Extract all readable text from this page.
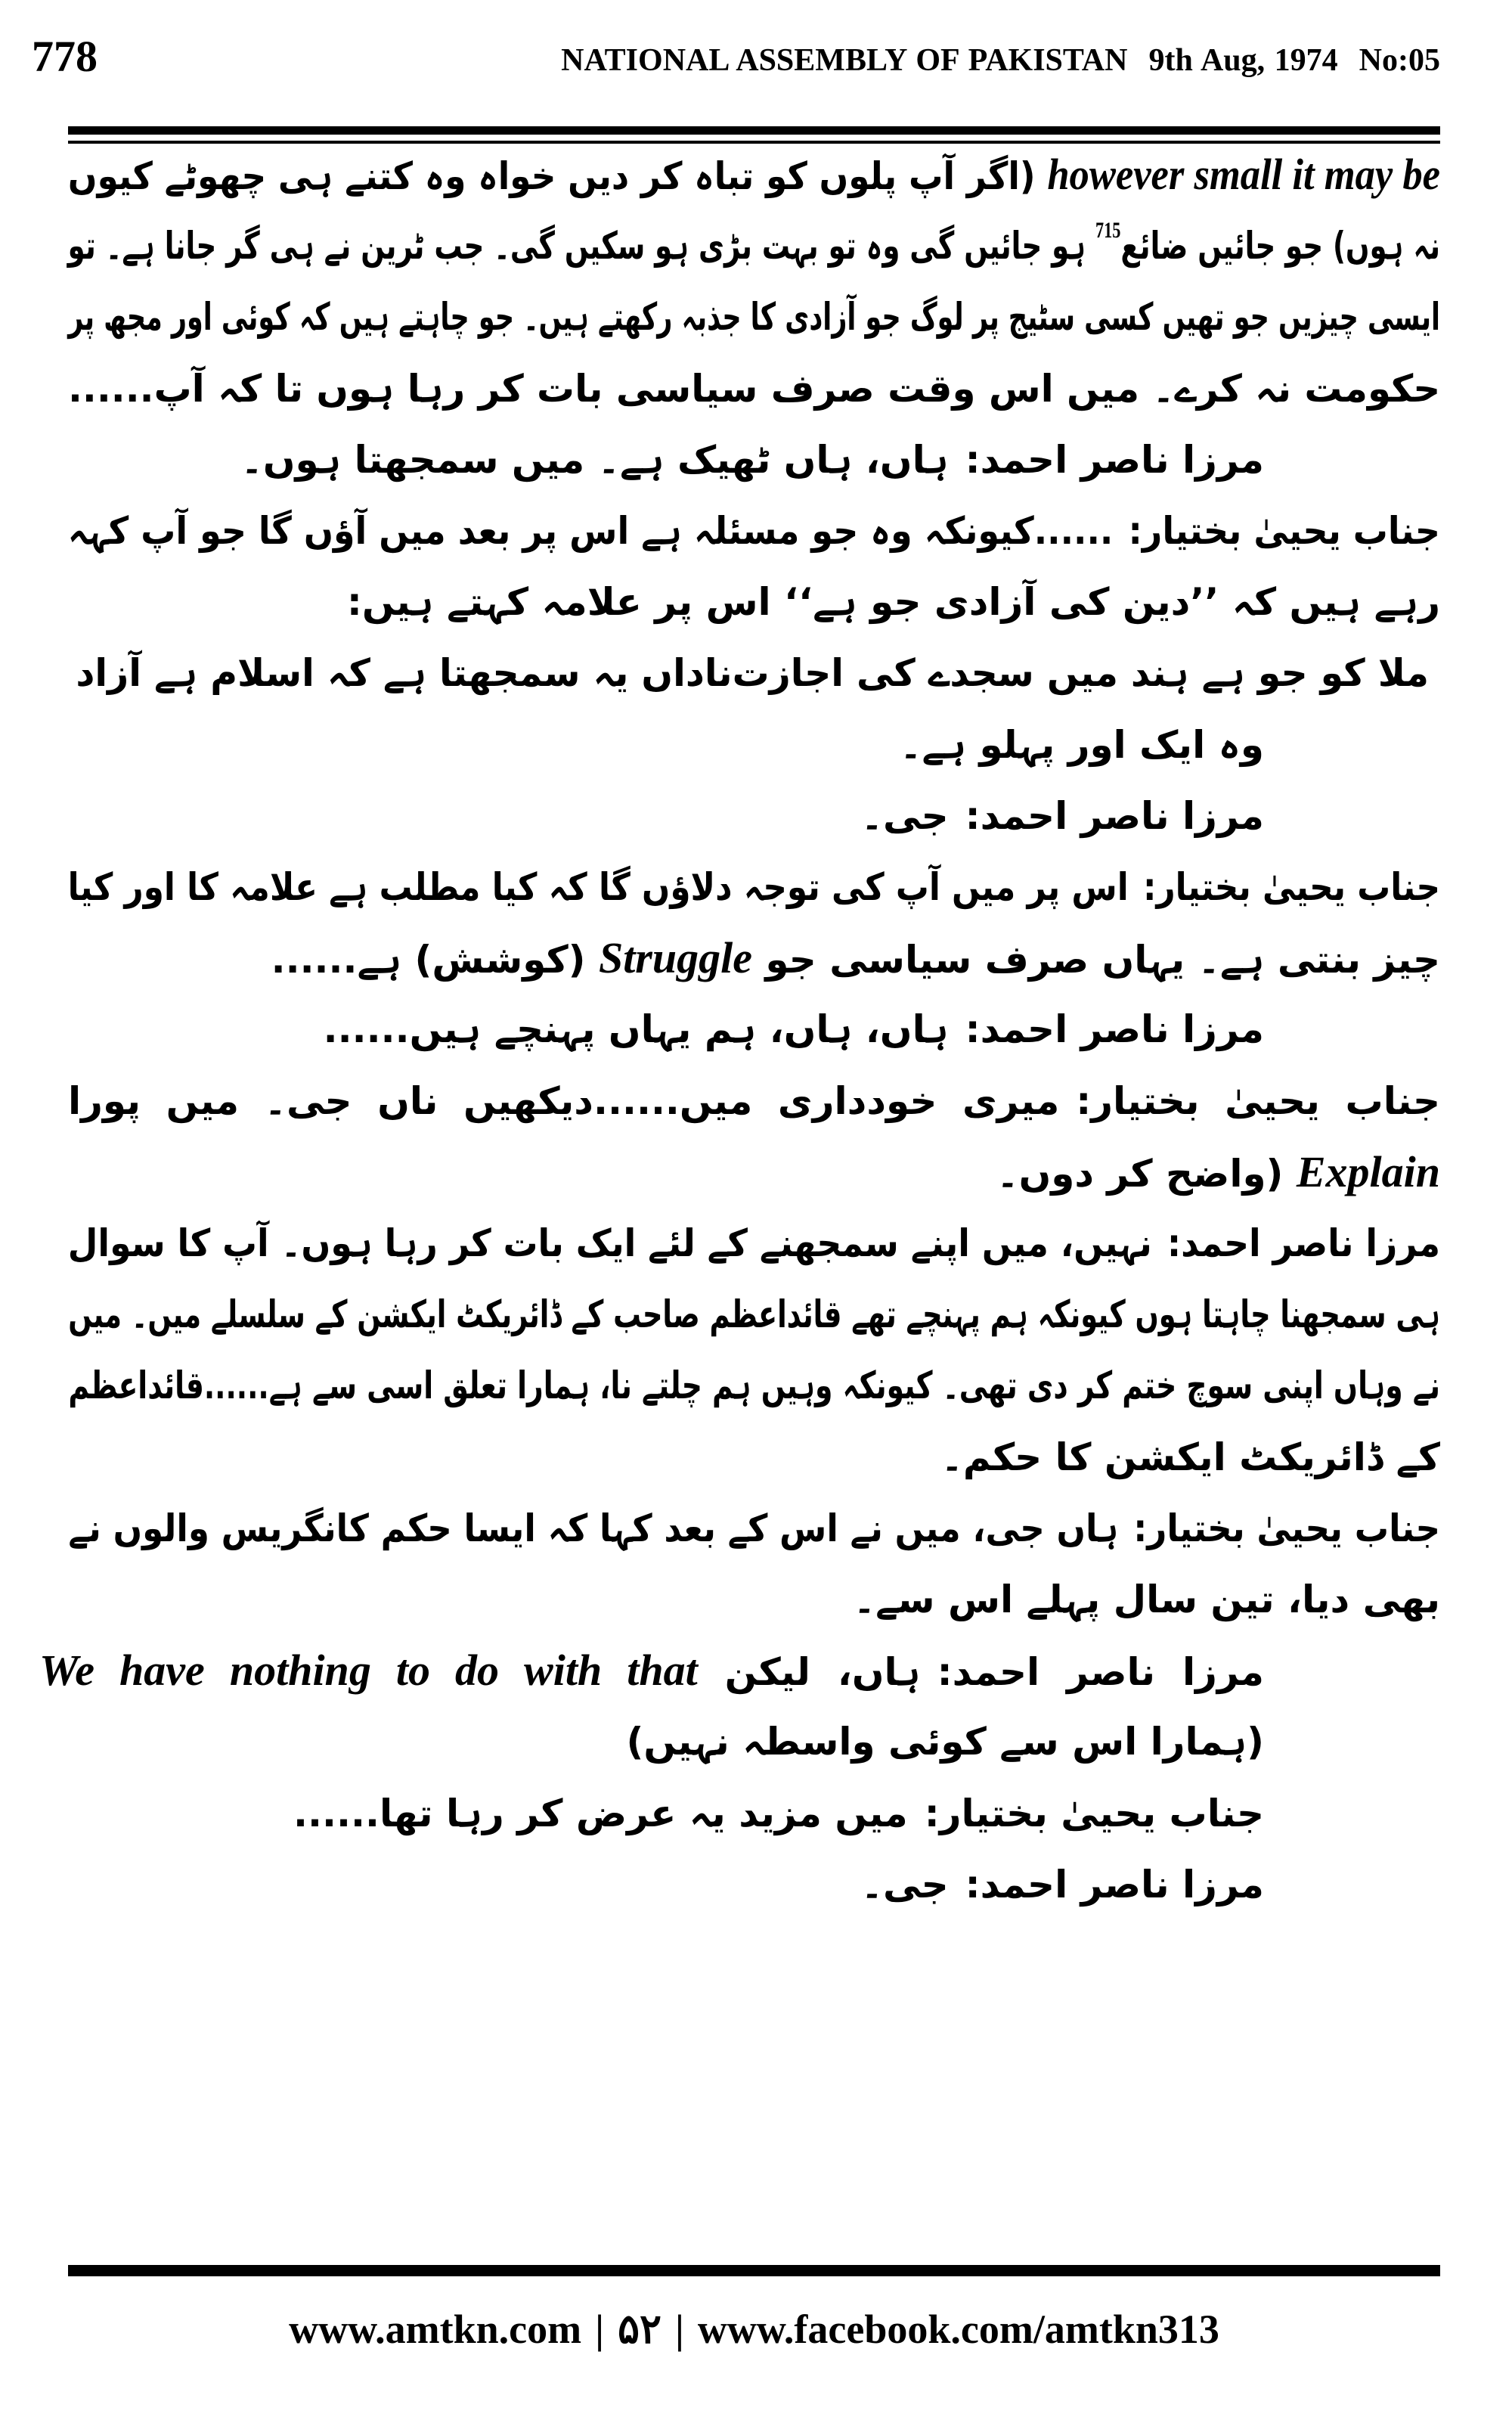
778	NATIONAL ASSEMBLY OF PAKISTAN 9th Aug, 1974 No:05
however small it may be (اگر آپ پلوں کو تباہ کر دیں خواہ وہ کتنے ہی چھوٹے کیوں
نہ ہوں) جو جائیں ضائع$^{715}$ ہو جائیں گی وہ تو بہت بڑی ہو سکیں گی۔ جب ٹرین نے ہی گر جانا ہے۔ تو
ایسی چیزیں جو تھیں کسی سٹیج پر لوگ جو آزادی کا جذبہ رکھتے ہیں۔ جو چاہتے ہیں کہ کوئی اور مجھ پر
حکومت نہ کرے۔ میں اس وقت صرف سیاسی بات کر رہا ہوں تا کہ آپ......
مرزا ناصر احمد:ہاں، ہاں ٹھیک ہے۔ میں سمجھتا ہوں۔
جناب یحییٰ بختیار:......کیونکہ وہ جو مسئلہ ہے اس پر بعد میں آؤں گا جو آپ کہہ
رہے ہیں کہ ’’دین کی آزادی جو ہے‘‘ اس پر علامہ کہتے ہیں:
ملا کو جو ہے ہند میں سجدے کی اجازت
ناداں یہ سمجھتا ہے کہ اسلام ہے آزاد
وہ ایک اور پہلو ہے۔
مرزا ناصر احمد:جی۔
جناب یحییٰ بختیار:اس پر میں آپ کی توجہ دلاؤں گا کہ کیا مطلب ہے علامہ کا اور کیا
چیز بنتی ہے۔ یہاں صرف سیاسی جو Struggle (کوشش) ہے......
مرزا ناصر احمد:ہاں، ہاں، ہم یہاں پہنچے ہیں......
جناب یحییٰ بختیار:میری خودداری میں......دیکھیں ناں جی۔ میں پورا
Explain (واضح کر دوں۔
مرزا ناصر احمد:نہیں، میں اپنے سمجھنے کے لئے ایک بات کر رہا ہوں۔ آپ کا سوال
ہی سمجھنا چاہتا ہوں کیونکہ ہم پہنچے تھے قائداعظم صاحب کے ڈائریکٹ ایکشن کے سلسلے میں۔ میں
نے وہاں اپنی سوچ ختم کر دی تھی۔ کیونکہ وہیں ہم چلتے نا، ہمارا تعلق اسی سے ہے......قائداعظم
کے ڈائریکٹ ایکشن کا حکم۔
جناب یحییٰ بختیار:ہاں جی، میں نے اس کے بعد کہا کہ ایسا حکم کانگریس والوں نے
بھی دیا، تین سال پہلے اس سے۔
مرزا ناصر احمد:ہاں، لیکن We have nothing to do with that
(ہمارا اس سے کوئی واسطہ نہیں)
جناب یحییٰ بختیار:میں مزید یہ عرض کر رہا تھا......
مرزا ناصر احمد:جی۔
www.amtkn.com | ۵۲ | www.facebook.com/amtkn313
